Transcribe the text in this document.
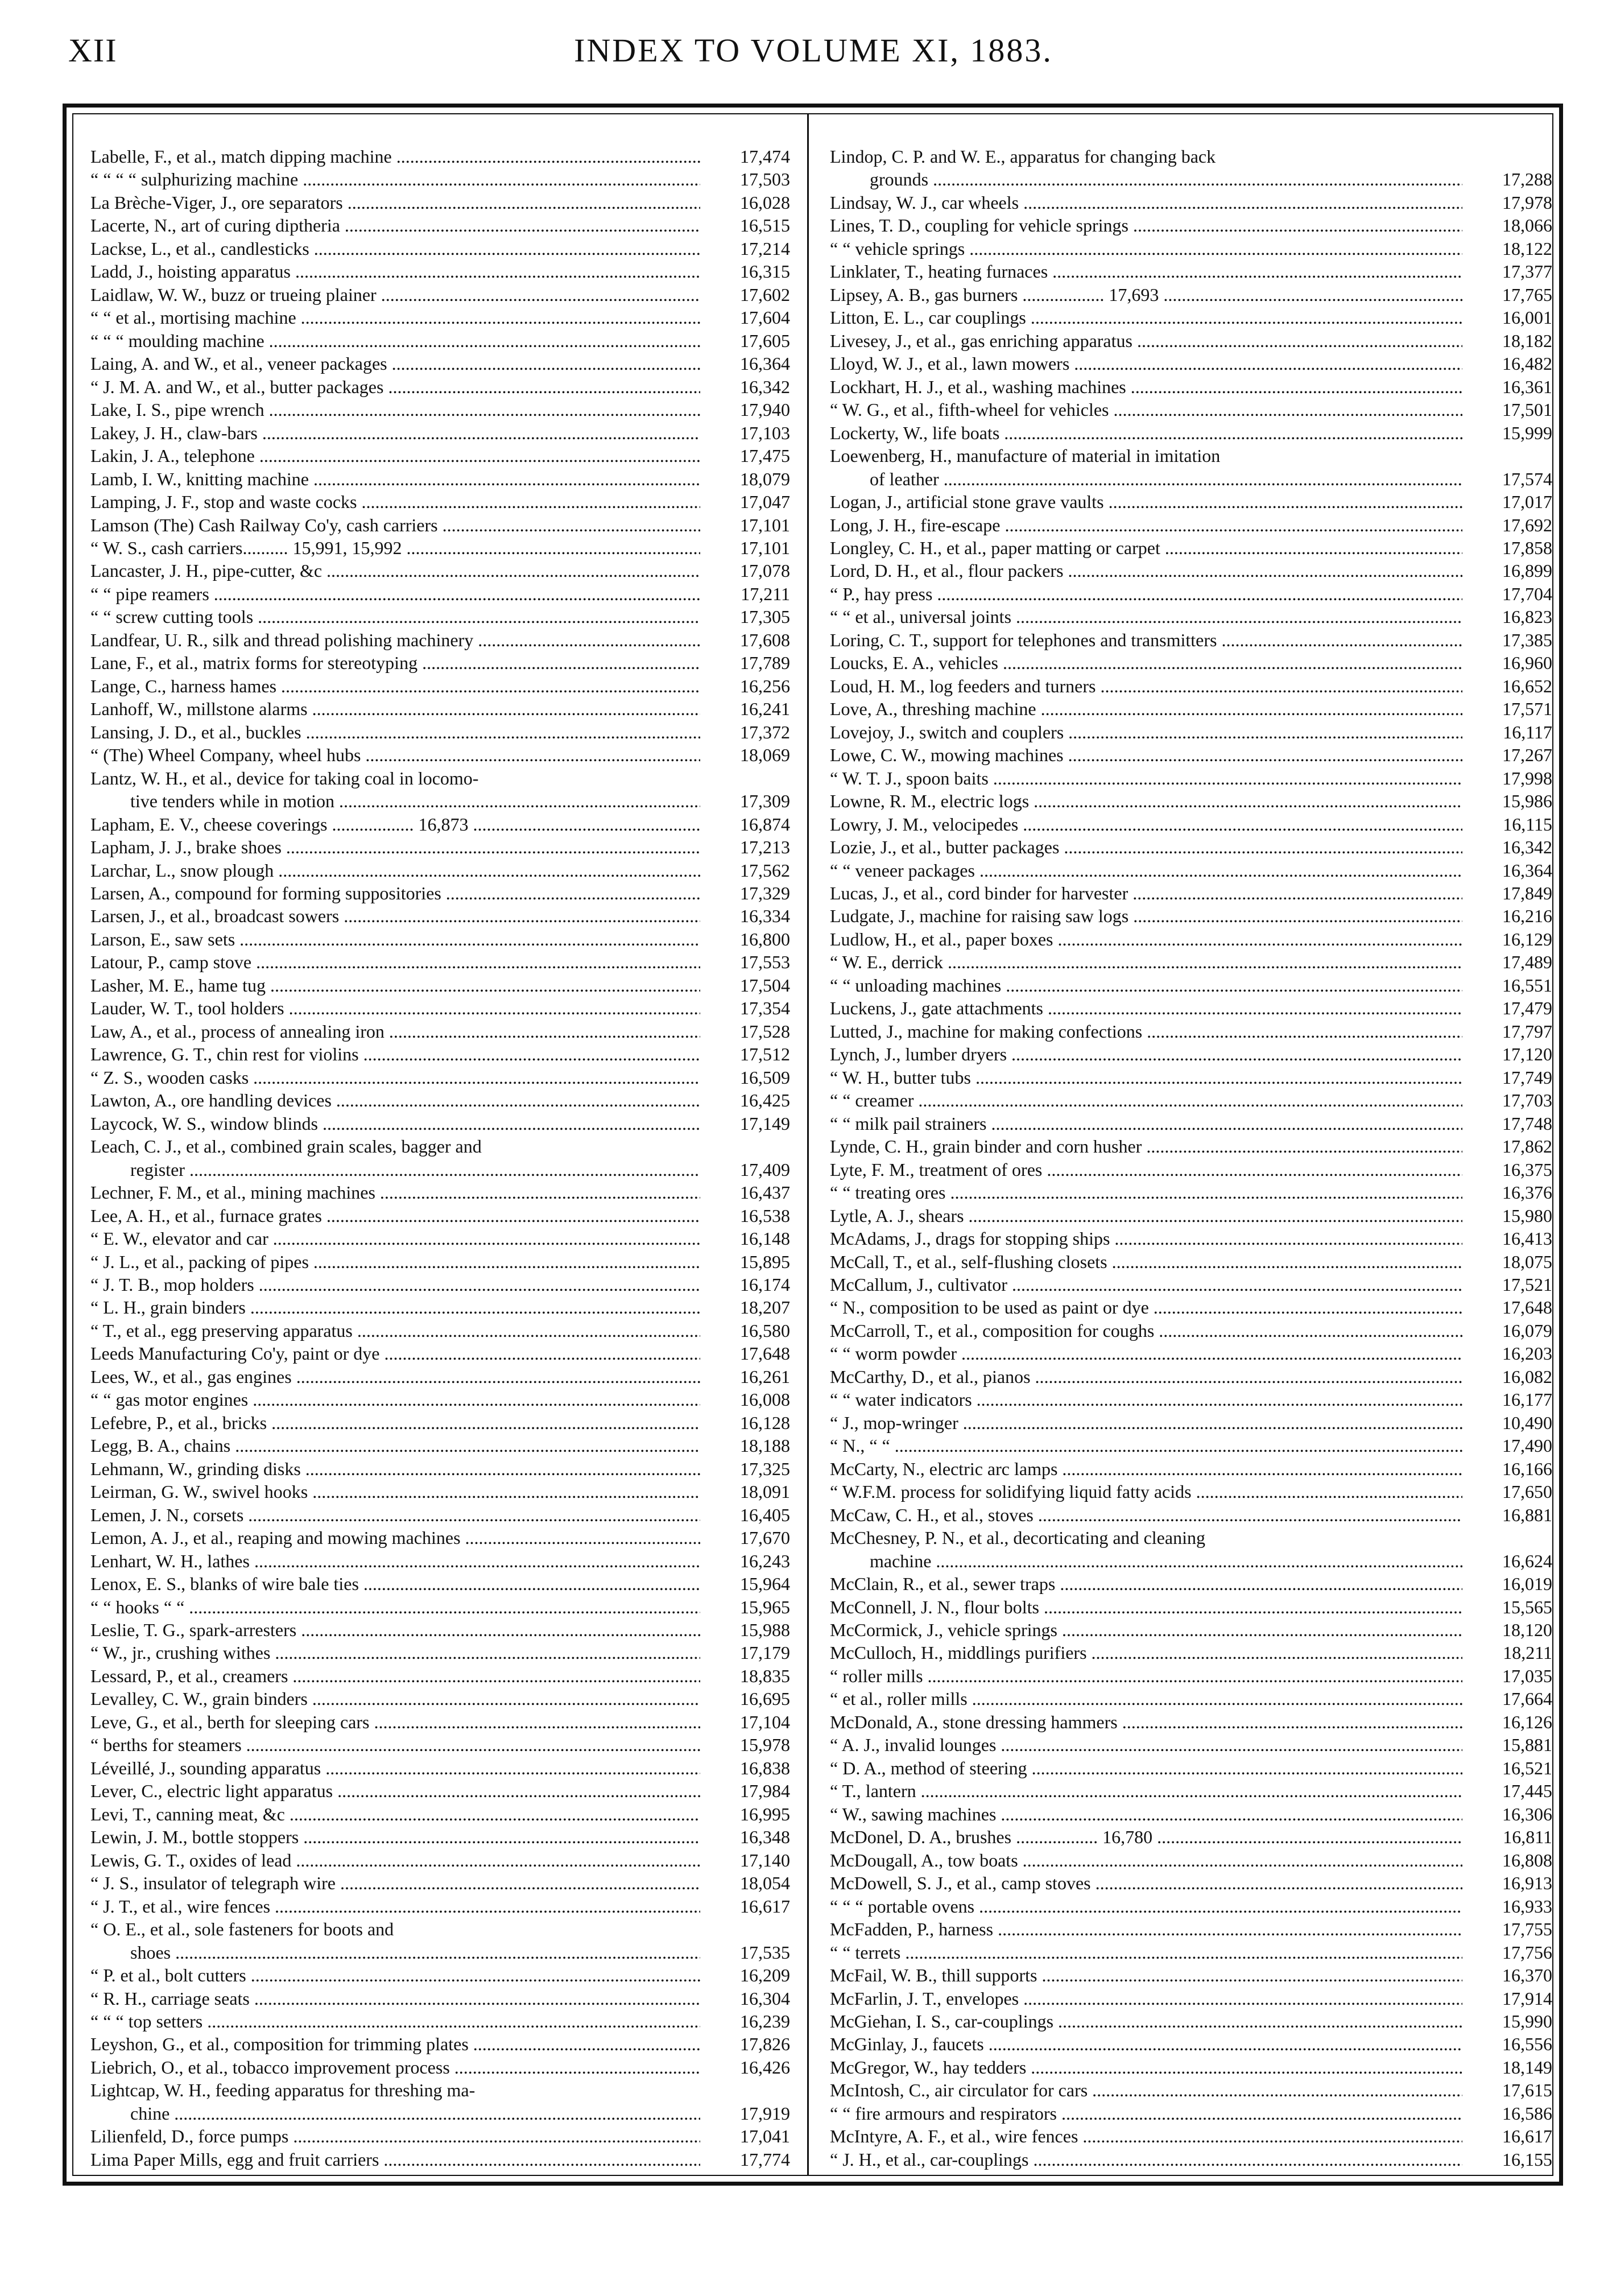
INDEX TO VOLUME XI, 1883.
XII
Labelle, F., et al., match dipping machine .....	17,474
“ “ “ “ sulphurizing machine .....	17,503
La Brèche-Viger, J., ore separators .....	16,028
Lacerte, N., art of curing diptheria .....	16,515
Lackse, L., et al., candlesticks .....	17,214
Ladd, J., hoisting apparatus .....	16,315
Laidlaw, W. W., buzz or trueing plainer .....	17,602
“ “ et al., mortising machine .....	17,604
“ “ “ moulding machine .....	17,605
Laing, A. and W., et al., veneer packages .....	16,364
“ J. M. A. and W., et al., butter packages .....	16,342
Lake, I. S., pipe wrench .....	17,940
Lakey, J. H., claw-bars .....	17,103
Lakin, J. A., telephone .....	17,475
Lamb, I. W., knitting machine .....	18,079
Lamping, J. F., stop and waste cocks .....	17,047
Lamson (The) Cash Railway Co'y, cash carriers .....	17,101
“ W. S., cash carriers.......... 15,991, 15,992 .....	17,101
Lancaster, J. H., pipe-cutter, &c .....	17,078
“ “ pipe reamers .....	17,211
“ “ screw cutting tools .....	17,305
Landfear, U. R., silk and thread polishing machinery .....	17,608
Lane, F., et al., matrix forms for stereotyping .....	17,789
Lange, C., harness hames .....	16,256
Lanhoff, W., millstone alarms .....	16,241
Lansing, J. D., et al., buckles .....	17,372
“ (The) Wheel Company, wheel hubs .....	18,069
Lantz, W. H., et al., device for taking coal in locomo-
tive tenders while in motion .....	17,309
Lapham, E. V., cheese coverings .................. 16,873 .....	16,874
Lapham, J. J., brake shoes .....	17,213
Larchar, L., snow plough .....	17,562
Larsen, A., compound for forming suppositories .....	17,329
Larsen, J., et al., broadcast sowers .....	16,334
Larson, E., saw sets .....	16,800
Latour, P., camp stove .....	17,553
Lasher, M. E., hame tug .....	17,504
Lauder, W. T., tool holders .....	17,354
Law, A., et al., process of annealing iron .....	17,528
Lawrence, G. T., chin rest for violins .....	17,512
“ Z. S., wooden casks .....	16,509
Lawton, A., ore handling devices .....	16,425
Laycock, W. S., window blinds .....	17,149
Leach, C. J., et al., combined grain scales, bagger and
register .....	17,409
Lechner, F. M., et al., mining machines .....	16,437
Lee, A. H., et al., furnace grates .....	16,538
“ E. W., elevator and car .....	16,148
“ J. L., et al., packing of pipes .....	15,895
“ J. T. B., mop holders .....	16,174
“ L. H., grain binders .....	18,207
“ T., et al., egg preserving apparatus .....	16,580
Leeds Manufacturing Co'y, paint or dye .....	17,648
Lees, W., et al., gas engines .....	16,261
“ “ gas motor engines .....	16,008
Lefebre, P., et al., bricks .....	16,128
Legg, B. A., chains .....	18,188
Lehmann, W., grinding disks .....	17,325
Leirman, G. W., swivel hooks .....	18,091
Lemen, J. N., corsets .....	16,405
Lemon, A. J., et al., reaping and mowing machines .....	17,670
Lenhart, W. H., lathes .....	16,243
Lenox, E. S., blanks of wire bale ties .....	15,964
“ “ hooks “ “ .....	15,965
Leslie, T. G., spark-arresters .....	15,988
“ W., jr., crushing withes .....	17,179
Lessard, P., et al., creamers .....	18,835
Levalley, C. W., grain binders .....	16,695
Leve, G., et al., berth for sleeping cars .....	17,104
“ berths for steamers .....	15,978
Léveillé, J., sounding apparatus .....	16,838
Lever, C., electric light apparatus .....	17,984
Levi, T., canning meat, &c .....	16,995
Lewin, J. M., bottle stoppers .....	16,348
Lewis, G. T., oxides of lead .....	17,140
“ J. S., insulator of telegraph wire .....	18,054
“ J. T., et al., wire fences .....	16,617
“ O. E., et al., sole fasteners for boots and
shoes .....	17,535
“ P. et al., bolt cutters .....	16,209
“ R. H., carriage seats .....	16,304
“ “ “ top setters .....	16,239
Leyshon, G., et al., composition for trimming plates .....	17,826
Liebrich, O., et al., tobacco improvement process .....	16,426
Lightcap, W. H., feeding apparatus for threshing ma-
chine .....	17,919
Lilienfeld, D., force pumps .....	17,041
Lima Paper Mills, egg and fruit carriers .....	17,774
Lindop, C. P. and W. E., apparatus for changing back
grounds .....	17,288
Lindsay, W. J., car wheels .....	17,978
Lines, T. D., coupling for vehicle springs .....	18,066
“ “ vehicle springs .....	18,122
Linklater, T., heating furnaces .....	17,377
Lipsey, A. B., gas burners .................. 17,693 .....	17,765
Litton, E. L., car couplings .....	16,001
Livesey, J., et al., gas enriching apparatus .....	18,182
Lloyd, W. J., et al., lawn mowers .....	16,482
Lockhart, H. J., et al., washing machines .....	16,361
“ W. G., et al., fifth-wheel for vehicles .....	17,501
Lockerty, W., life boats .....	15,999
Loewenberg, H., manufacture of material in imitation
of leather .....	17,574
Logan, J., artificial stone grave vaults .....	17,017
Long, J. H., fire-escape .....	17,692
Longley, C. H., et al., paper matting or carpet .....	17,858
Lord, D. H., et al., flour packers .....	16,899
“ P., hay press .....	17,704
“ “ et al., universal joints .....	16,823
Loring, C. T., support for telephones and transmitters .....	17,385
Loucks, E. A., vehicles .....	16,960
Loud, H. M., log feeders and turners .....	16,652
Love, A., threshing machine .....	17,571
Lovejoy, J., switch and couplers .....	16,117
Lowe, C. W., mowing machines .....	17,267
“ W. T. J., spoon baits .....	17,998
Lowne, R. M., electric logs .....	15,986
Lowry, J. M., velocipedes .....	16,115
Lozie, J., et al., butter packages .....	16,342
“ “ veneer packages .....	16,364
Lucas, J., et al., cord binder for harvester .....	17,849
Ludgate, J., machine for raising saw logs .....	16,216
Ludlow, H., et al., paper boxes .....	16,129
“ W. E., derrick .....	17,489
“ “ unloading machines .....	16,551
Luckens, J., gate attachments .....	17,479
Lutted, J., machine for making confections .....	17,797
Lynch, J., lumber dryers .....	17,120
“ W. H., butter tubs .....	17,749
“ “ creamer .....	17,703
“ “ milk pail strainers .....	17,748
Lynde, C. H., grain binder and corn husher .....	17,862
Lyte, F. M., treatment of ores .....	16,375
“ “ treating ores .....	16,376
Lytle, A. J., shears .....	15,980
McAdams, J., drags for stopping ships .....	16,413
McCall, T., et al., self-flushing closets .....	18,075
McCallum, J., cultivator .....	17,521
“ N., composition to be used as paint or dye .....	17,648
McCarroll, T., et al., composition for coughs .....	16,079
“ “ worm powder .....	16,203
McCarthy, D., et al., pianos .....	16,082
“ “ water indicators .....	16,177
“ J., mop-wringer .....	10,490
“ N., “ “ .....	17,490
McCarty, N., electric arc lamps .....	16,166
“ W.F.M. process for solidifying liquid fatty acids .....	17,650
McCaw, C. H., et al., stoves .....	16,881
McChesney, P. N., et al., decorticating and cleaning
machine .....	16,624
McClain, R., et al., sewer traps .....	16,019
McConnell, J. N., flour bolts .....	15,565
McCormick, J., vehicle springs .....	18,120
McCulloch, H., middlings purifiers .....	18,211
“ roller mills .....	17,035
“ et al., roller mills .....	17,664
McDonald, A., stone dressing hammers .....	16,126
“ A. J., invalid lounges .....	15,881
“ D. A., method of steering .....	16,521
“ T., lantern .....	17,445
“ W., sawing machines .....	16,306
McDonel, D. A., brushes .................. 16,780 .....	16,811
McDougall, A., tow boats .....	16,808
McDowell, S. J., et al., camp stoves .....	16,913
“ “ “ portable ovens .....	16,933
McFadden, P., harness .....	17,755
“ “ terrets .....	17,756
McFail, W. B., thill supports .....	16,370
McFarlin, J. T., envelopes .....	17,914
McGiehan, I. S., car-couplings .....	15,990
McGinlay, J., faucets .....	16,556
McGregor, W., hay tedders .....	18,149
McIntosh, C., air circulator for cars .....	17,615
“ “ fire armours and respirators .....	16,586
McIntyre, A. F., et al., wire fences .....	16,617
“ J. H., et al., car-couplings .....	16,155
